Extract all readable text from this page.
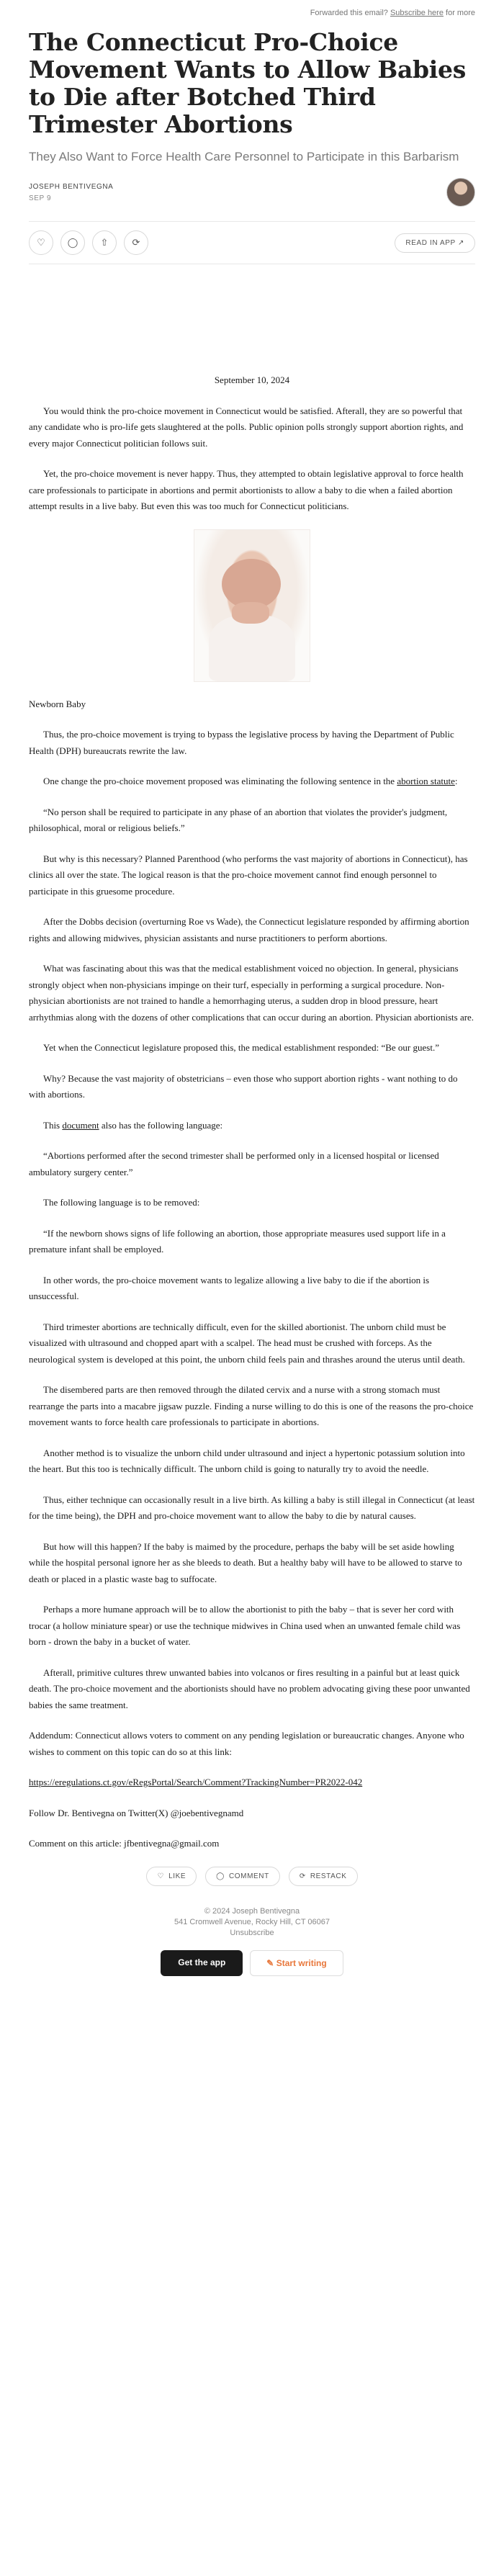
Forwarded this email? Subscribe here for more
The Connecticut Pro-Choice Movement Wants to Allow Babies to Die after Botched Third Trimester Abortions
They Also Want to Force Health Care Personnel to Participate in this Barbarism
JOSEPH BENTIVEGNA
SEP 9
♡	◯	⇧	⟳	READ IN APP ↗

September 10, 2024

You would think the pro-choice movement in Connecticut would be satisfied. Afterall, they are so powerful that any candidate who is pro-life gets slaughtered at the polls. Public opinion polls strongly support abortion rights, and every major Connecticut politician follows suit.

Yet, the pro-choice movement is never happy. Thus, they attempted to obtain legislative approval to force health care professionals to participate in abortions and permit abortionists to allow a baby to die when a failed abortion attempt results in a live baby. But even this was too much for Connecticut politicians.

Newborn Baby

Thus, the pro-choice movement is trying to bypass the legislative process by having the Department of Public Health (DPH) bureaucrats rewrite the law.

One change the pro-choice movement proposed was eliminating the following sentence in the abortion statute:

“No person shall be required to participate in any phase of an abortion that violates the provider's judgment, philosophical, moral or religious beliefs.”

But why is this necessary? Planned Parenthood (who performs the vast majority of abortions in Connecticut), has clinics all over the state. The logical reason is that the pro-choice movement cannot find enough personnel to participate in this gruesome procedure.

After the Dobbs decision (overturning Roe vs Wade), the Connecticut legislature responded by affirming abortion rights and allowing midwives, physician assistants and nurse practitioners to perform abortions.

What was fascinating about this was that the medical establishment voiced no objection. In general, physicians strongly object when non-physicians impinge on their turf, especially in performing a surgical procedure. Non-physician abortionists are not trained to handle a hemorrhaging uterus, a sudden drop in blood pressure, heart arrhythmias along with the dozens of other complications that can occur during an abortion. Physician abortionists are.

Yet when the Connecticut legislature proposed this, the medical establishment responded: “Be our guest.”

Why? Because the vast majority of obstetricians – even those who support abortion rights - want nothing to do with abortions.

This document also has the following language:

“Abortions performed after the second trimester shall be performed only in a licensed hospital or licensed ambulatory surgery center.”

The following language is to be removed:

“If the newborn shows signs of life following an abortion, those appropriate measures used support life in a premature infant shall be employed.

In other words, the pro-choice movement wants to legalize allowing a live baby to die if the abortion is unsuccessful.

Third trimester abortions are technically difficult, even for the skilled abortionist. The unborn child must be visualized with ultrasound and chopped apart with a scalpel. The head must be crushed with forceps. As the neurological system is developed at this point, the unborn child feels pain and thrashes around the uterus until death.

The disembered parts are then removed through the dilated cervix and a nurse with a strong stomach must rearrange the parts into a macabre jigsaw puzzle. Finding a nurse willing to do this is one of the reasons the pro-choice movement wants to force health care professionals to participate in abortions.

Another method is to visualize the unborn child under ultrasound and inject a hypertonic potassium solution into the heart. But this too is technically difficult. The unborn child is going to naturally try to avoid the needle.

Thus, either technique can occasionally result in a live birth. As killing a baby is still illegal in Connecticut (at least for the time being), the DPH and pro-choice movement want to allow the baby to die by natural causes.

But how will this happen? If the baby is maimed by the procedure, perhaps the baby will be set aside howling while the hospital personal ignore her as she bleeds to death. But a healthy baby will have to be allowed to starve to death or placed in a plastic waste bag to suffocate.

Perhaps a more humane approach will be to allow the abortionist to pith the baby – that is sever her cord with trocar (a hollow miniature spear) or use the technique midwives in China used when an unwanted female child was born - drown the baby in a bucket of water.

Afterall, primitive cultures threw unwanted babies into volcanos or fires resulting in a painful but at least quick death. The pro-choice movement and the abortionists should have no problem advocating giving these poor unwanted babies the same treatment.

Addendum: Connecticut allows voters to comment on any pending legislation or bureaucratic changes. Anyone who wishes to comment on this topic can do so at this link:

https://eregulations.ct.gov/eRegsPortal/Search/Comment?TrackingNumber=PR2022-042

Follow Dr. Bentivegna on Twitter(X) @joebentivegnamd

Comment on this article: jfbentivegna@gmail.com

♡ LIKE	◯ COMMENT	⟳ RESTACK
© 2024 Joseph Bentivegna
541 Cromwell Avenue, Rocky Hill, CT 06067
Unsubscribe
Get the app	✎ Start writing
